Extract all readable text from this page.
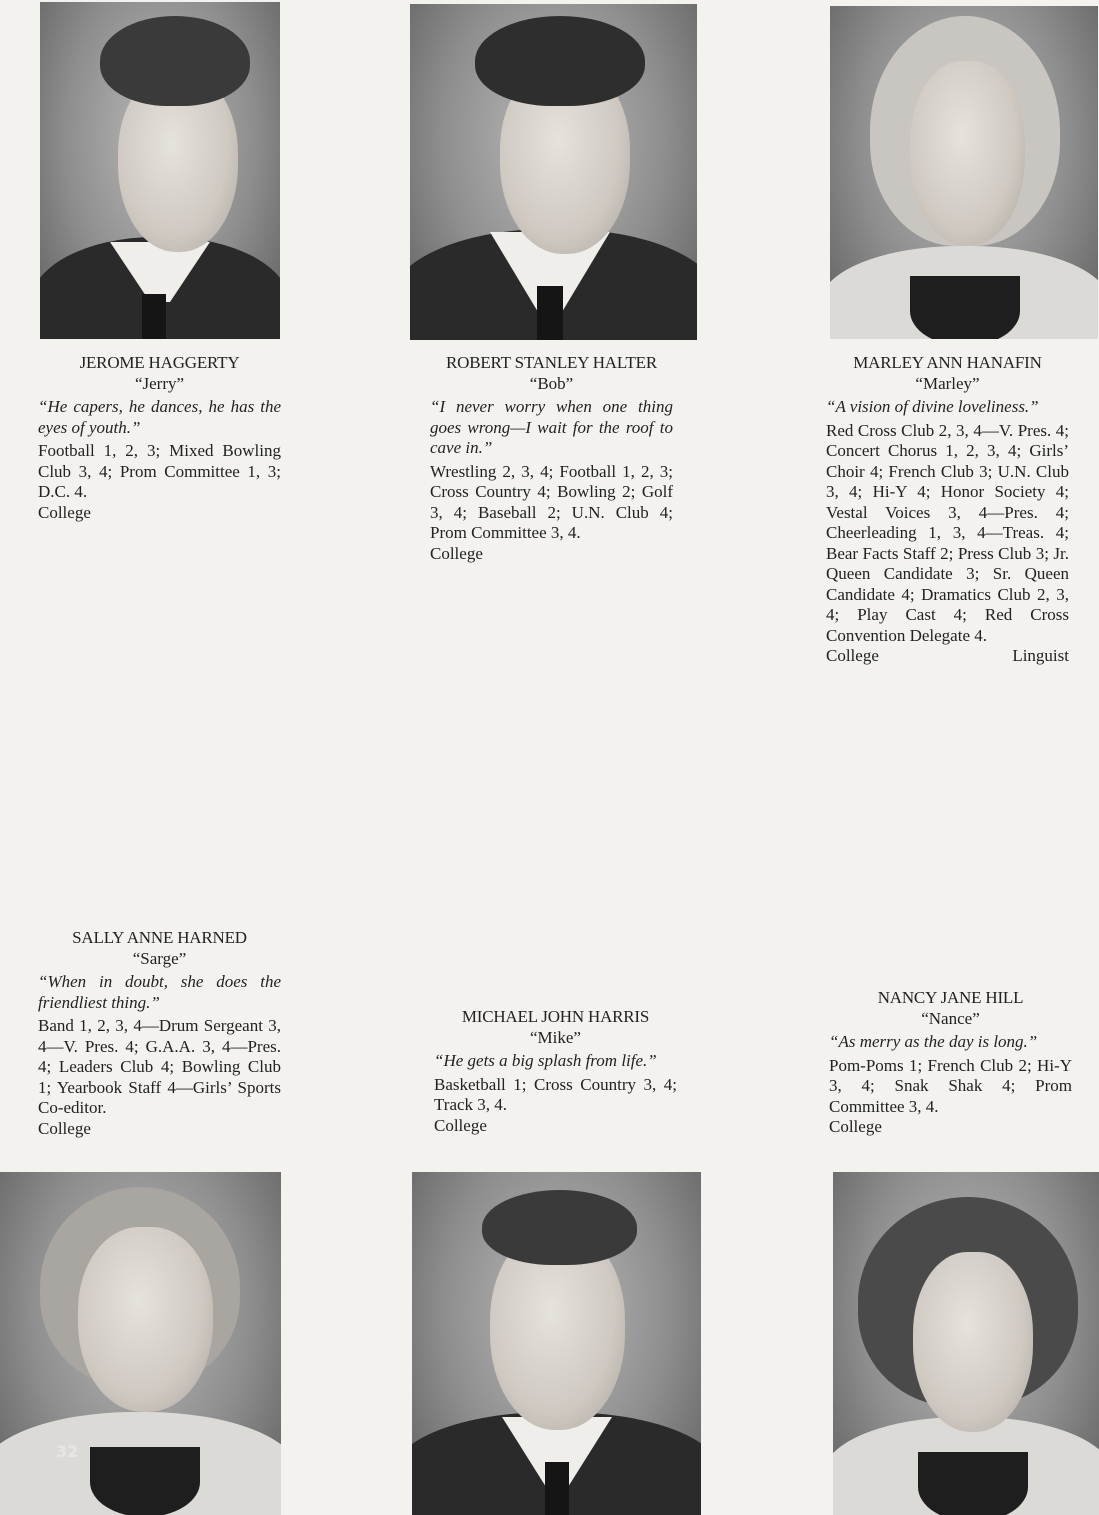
JEROME HAGGERTY
“Jerry”
“He capers, he dances, he has the eyes of youth.”
Football 1, 2, 3; Mixed Bowling Club 3, 4; Prom Committee 1, 3; D.C. 4.
College
ROBERT STANLEY HALTER
“Bob”
“I never worry when one thing goes wrong—I wait for the roof to cave in.”
Wrestling 2, 3, 4; Football 1, 2, 3; Cross Country 4; Bowling 2; Golf 3, 4; Baseball 2; U.N. Club 4; Prom Committee 3, 4.
College
MARLEY ANN HANAFIN
“Marley”
“A vision of divine loveliness.”
Red Cross Club 2, 3, 4—V. Pres. 4; Concert Chorus 1, 2, 3, 4; Girls’ Choir 4; French Club 3; U.N. Club 3, 4; Hi-Y 4; Honor Society 4; Vestal Voices 3, 4—Pres. 4; Cheerleading 1, 3, 4—Treas. 4; Bear Facts Staff 2; Press Club 3; Jr. Queen Candidate 3; Sr. Queen Candidate 4; Dramatics Club 2, 3, 4; Play Cast 4; Red Cross Convention Delegate 4.
College	Linguist
SALLY ANNE HARNED
“Sarge”
“When in doubt, she does the friendliest thing.”
Band 1, 2, 3, 4—Drum Sergeant 3, 4—V. Pres. 4; G.A.A. 3, 4—Pres. 4; Leaders Club 4; Bowling Club 1; Yearbook Staff 4—Girls’ Sports Co-editor.
College
MICHAEL JOHN HARRIS
“Mike”
“He gets a big splash from life.”
Basketball 1; Cross Country 3, 4; Track 3, 4.
College
NANCY JANE HILL
“Nance”
“As merry as the day is long.”
Pom-Poms 1; French Club 2; Hi-Y 3, 4; Snak Shak 4; Prom Committee 3, 4.
College
32
